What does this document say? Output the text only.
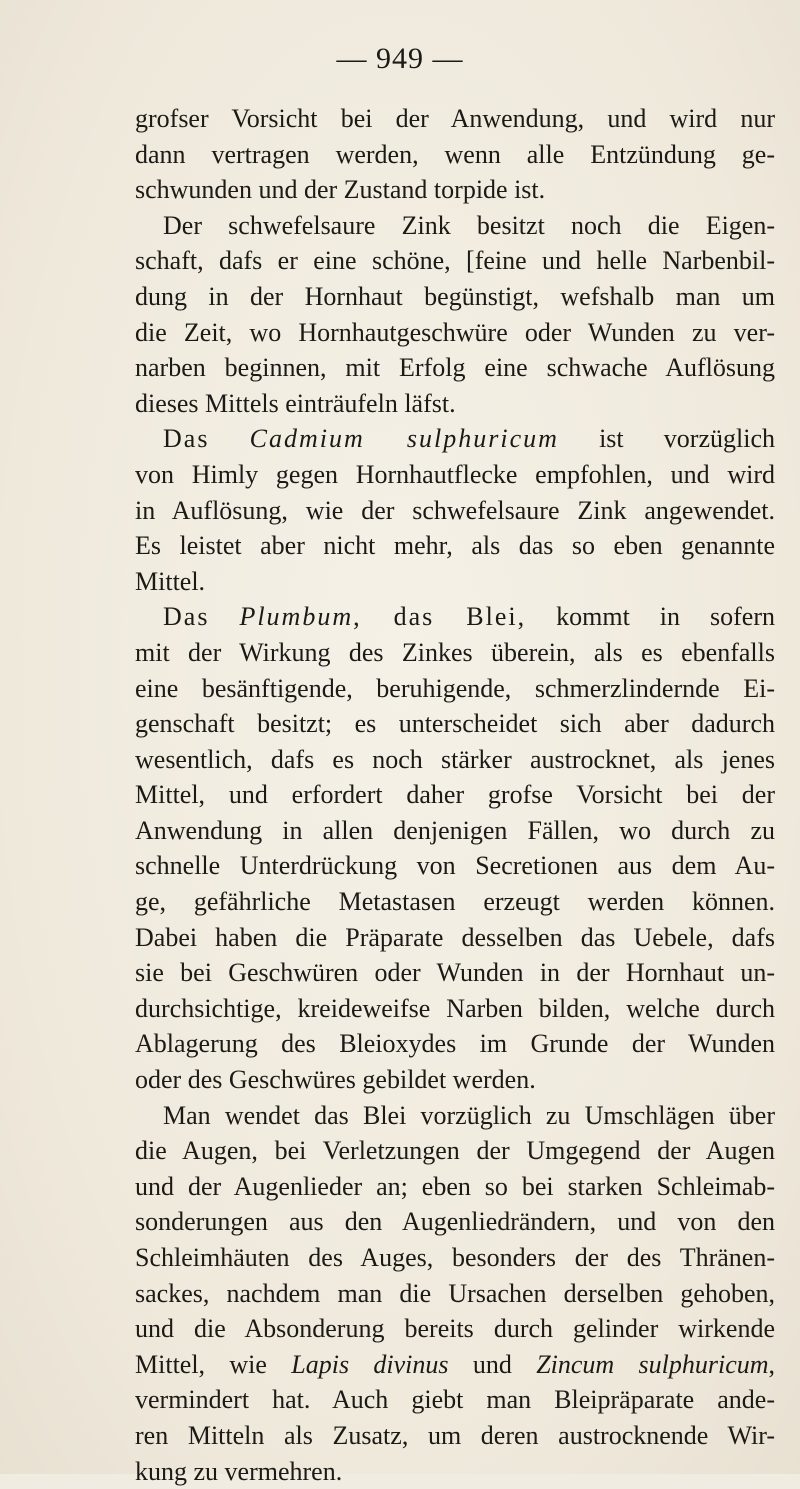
— 949 —
grofser Vorsicht bei der Anwendung, und wird nur
dann vertragen werden, wenn alle Entzündung ge-
schwunden und der Zustand torpide ist.
Der schwefelsaure Zink besitzt noch die Eigen-
schaft, dafs er eine schöne, [feine und helle Narbenbil-
dung in der Hornhaut begünstigt, wefshalb man um
die Zeit, wo Hornhautgeschwüre oder Wunden zu ver-
narben beginnen, mit Erfolg eine schwache Auflösung
dieses Mittels einträufeln läfst.
Das Cadmium sulphuricum ist vorzüglich
von Himly gegen Hornhautflecke empfohlen, und wird
in Auflösung, wie der schwefelsaure Zink angewendet.
Es leistet aber nicht mehr, als das so eben genannte
Mittel.
Das Plumbum, das Blei, kommt in sofern
mit der Wirkung des Zinkes überein, als es ebenfalls
eine besänftigende, beruhigende, schmerzlindernde Ei-
genschaft besitzt; es unterscheidet sich aber dadurch
wesentlich, dafs es noch stärker austrocknet, als jenes
Mittel, und erfordert daher grofse Vorsicht bei der
Anwendung in allen denjenigen Fällen, wo durch zu
schnelle Unterdrückung von Secretionen aus dem Au-
ge, gefährliche Metastasen erzeugt werden können.
Dabei haben die Präparate desselben das Uebele, dafs
sie bei Geschwüren oder Wunden in der Hornhaut un-
durchsichtige, kreideweifse Narben bilden, welche durch
Ablagerung des Bleioxydes im Grunde der Wunden
oder des Geschwüres gebildet werden.
Man wendet das Blei vorzüglich zu Umschlägen über
die Augen, bei Verletzungen der Umgegend der Augen
und der Augenlieder an; eben so bei starken Schleimab-
sonderungen aus den Augenliedrändern, und von den
Schleimhäuten des Auges, besonders der des Thränen-
sackes, nachdem man die Ursachen derselben gehoben,
und die Absonderung bereits durch gelinder wirkende
Mittel, wie Lapis divinus und Zincum sulphuricum,
vermindert hat. Auch giebt man Bleipräparate ande-
ren Mitteln als Zusatz, um deren austrocknende Wir-
kung zu vermehren.
